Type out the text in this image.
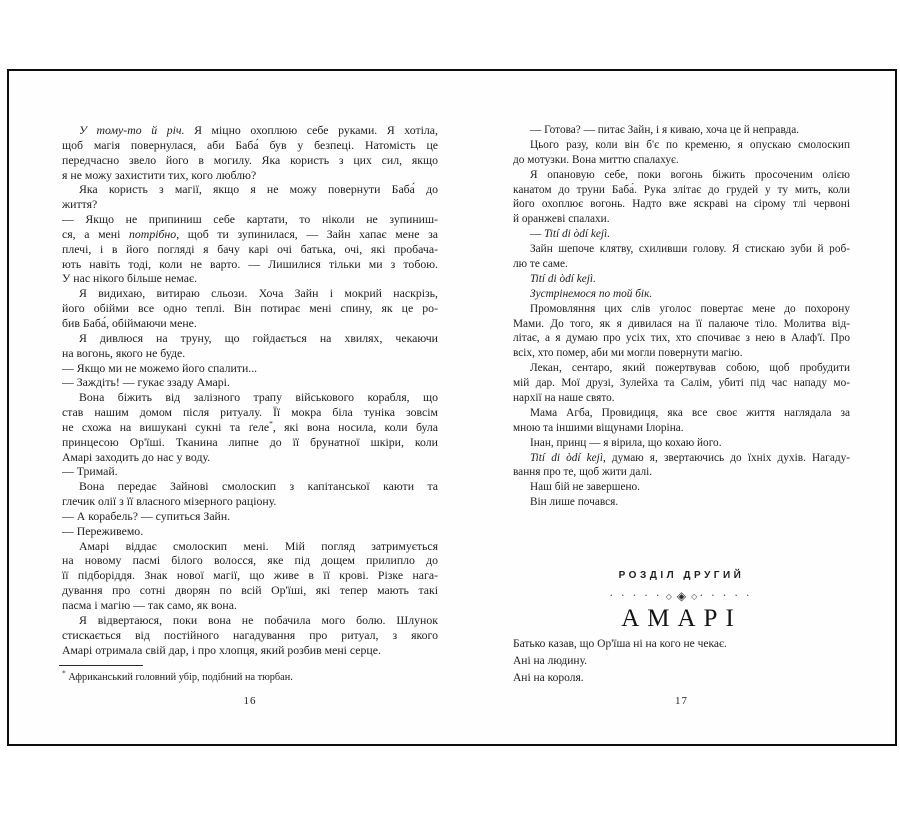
У тому-то й річ. Я міцно охоплюю себе руками. Я хотіла,
щоб магія повернулася, аби Баба́ був у безпеці. Натомість це
передчасно звело його в могилу. Яка користь з цих сил, якщо
я не можу захистити тих, кого люблю?
Яка користь з магії, якщо я не можу повернути Баба́ до
життя?
— Якщо не припиниш себе картати, то ніколи не зупиниш-
ся, а мені потрібно, щоб ти зупинилася, — Зайн хапає мене за
плечі, і в його погляді я бачу карі очі батька, очі, які пробача-
ють навіть тоді, коли не варто. — Лишилися тільки ми з тобою.
У нас нікого більше немає.
Я видихаю, витираю сльози. Хоча Зайн і мокрий наскрізь,
його обійми все одно теплі. Він потирає мені спину, як це ро-
бив Баба́, обіймаючи мене.
Я дивлюся на труну, що гойдається на хвилях, чекаючи
на вогонь, якого не буде.
— Якщо ми не можемо його спалити...
— Заждіть! — гукає ззаду Амарі.
Вона біжить від залізного трапу військового корабля, що
став нашим домом після ритуалу. Її мокра біла туніка зовсім
не схожа на вишукані сукні та ґеле*, які вона носила, коли була
принцесою Ор'їші. Тканина липне до її брунатної шкіри, коли
Амарі заходить до нас у воду.
— Тримай.
Вона передає Зайнові смолоскип з капітанської каюти та
глечик олії з її власного мізерного раціону.
— А корабель? — супиться Зайн.
— Переживемо.
Амарі віддає смолоскип мені. Мій погляд затримується
на новому пасмі білого волосся, яке під дощем прилипло до
її підборіддя. Знак нової магії, що живе в її крові. Різке нага-
дування про сотні дворян по всій Ор'їші, які тепер мають такі
пасма і магію — так само, як вона.
Я відвертаюся, поки вона не побачила мого болю. Шлунок
стискається від постійного нагадування про ритуал, з якого
Амарі отримала свій дар, і про хлопця, який розбив мені серце.
* Африканський головний убір, подібний на тюрбан.
16
— Готова? — питає Зайн, і я киваю, хоча це й неправда.
Цього разу, коли він б'є по кременю, я опускаю смолоскип
до мотузки. Вона миттю спалахує.
Я опановую себе, поки вогонь біжить просоченим олією
канатом до труни Баба́. Рука злітає до грудей у ту мить, коли
його охоплює вогонь. Надто вже яскраві на сірому тлі червоні
й оранжеві спалахи.
— Tití di òdí kejì.
Зайн шепоче клятву, схиливши голову. Я стискаю зуби й роб-
лю те саме.
Tití di òdí kejì.
Зустрінемося по той бік.
Промовляння цих слів уголос повертає мене до похорону
Мами. До того, як я дивилася на її палаюче тіло. Молитва від-
літає, а я думаю про усіх тих, хто спочиває з нею в Алаф'ї. Про
всіх, хто помер, аби ми могли повернути магію.
Лекан, сентаро, який пожертвував собою, щоб пробудити
мій дар. Мої друзі, Зулейха та Салім, убиті під час нападу мо-
нархії на наше свято.
Мама Агба, Провидиця, яка все своє життя наглядала за
мною та іншими віщунами Ілоріна.
Інан, принц — я вірила, що кохаю його.
Tití di òdí kejì, думаю я, звертаючись до їхніх духів. Нагаду-
вання про те, щоб жити далі.
Наш бій не завершено.
Він лише почався.
РОЗДІЛ ДРУГИЙ
• • • • • ◇ ◈ ◇ • • • • •
АМАРІ
Батько казав, що Ор'їша ні на кого не чекає.
Ані на людину.
Ані на короля.
17
